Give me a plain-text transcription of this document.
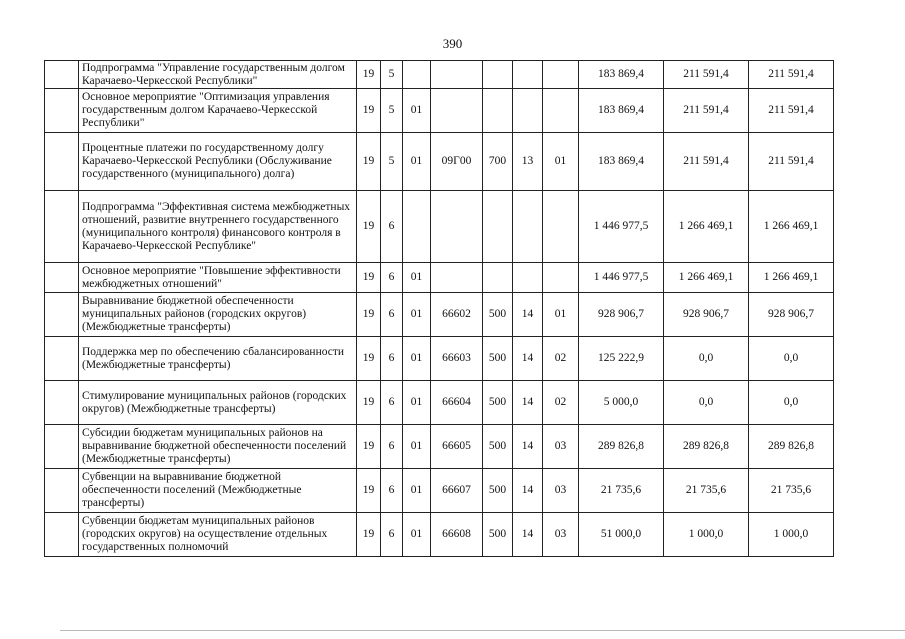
390
	Подпрограмма "Управление государственным долгом Карачаево-Черкесской Республики"	19	5						183 869,4	211 591,4	211 591,4
	Основное мероприятие "Оптимизация управления государственным долгом Карачаево-Черкесской Республики"	19	5	01					183 869,4	211 591,4	211 591,4
	Процентные платежи по государственному долгу Карачаево-Черкесской Республики (Обслуживание государственного (муниципального) долга)	19	5	01	09Г00	700	13	01	183 869,4	211 591,4	211 591,4
	Подпрограмма "Эффективная система межбюджетных отношений, развитие внутреннего государственного (муниципального контроля) финансового контроля в Карачаево-Черкесской Республике"	19	6						1 446 977,5	1 266 469,1	1 266 469,1
	Основное мероприятие "Повышение эффективности межбюджетных отношений"	19	6	01					1 446 977,5	1 266 469,1	1 266 469,1
	Выравнивание бюджетной обеспеченности муниципальных районов (городских округов) (Межбюджетные трансферты)	19	6	01	66602	500	14	01	928 906,7	928 906,7	928 906,7
	Поддержка мер по обеспечению сбалансированности (Межбюджетные трансферты)	19	6	01	66603	500	14	02	125 222,9	0,0	0,0
	Стимулирование муниципальных районов (городских округов) (Межбюджетные трансферты)	19	6	01	66604	500	14	02	5 000,0	0,0	0,0
	Субсидии бюджетам муниципальных районов на выравнивание бюджетной обеспеченности поселений (Межбюджетные трансферты)	19	6	01	66605	500	14	03	289 826,8	289 826,8	289 826,8
	Субвенции на выравнивание бюджетной обеспеченности поселений (Межбюджетные трансферты)	19	6	01	66607	500	14	03	21 735,6	21 735,6	21 735,6
	Субвенции бюджетам муниципальных районов (городских округов) на осуществление отдельных государственных полномочий	19	6	01	66608	500	14	03	51 000,0	1 000,0	1 000,0
